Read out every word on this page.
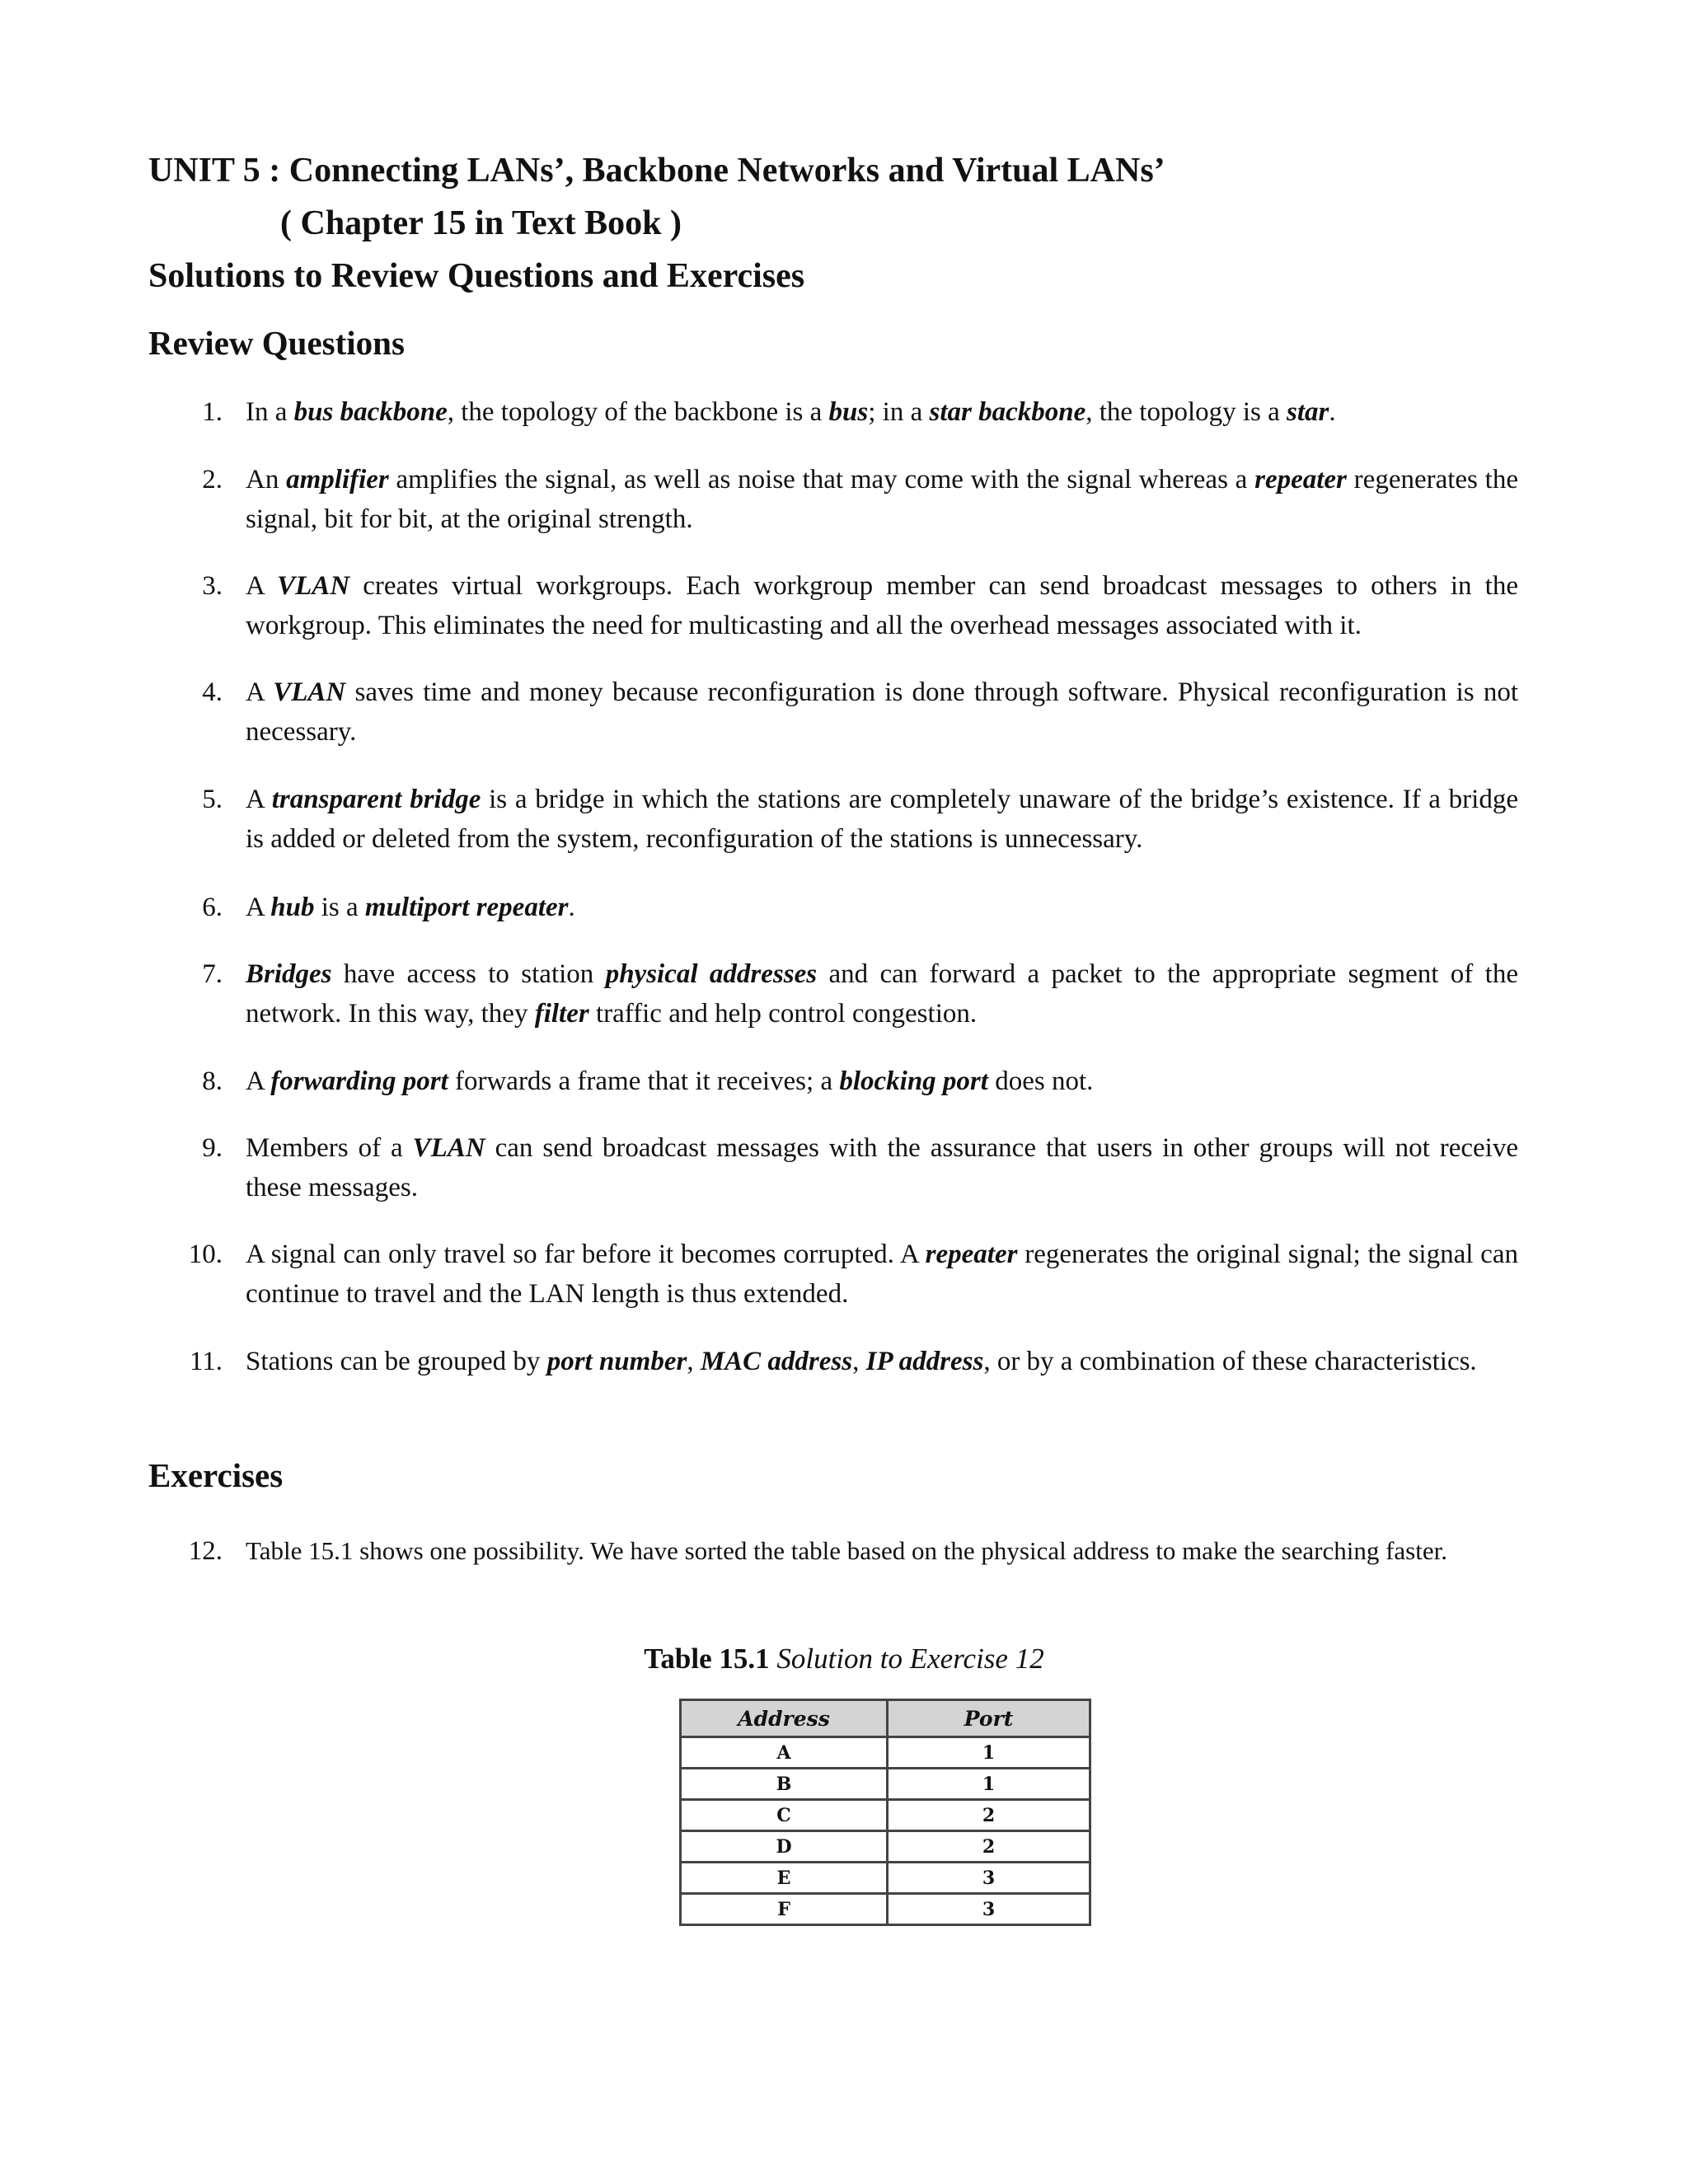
UNIT 5 : Connecting LANs’, Backbone Networks and Virtual LANs’
( Chapter 15 in Text Book )
Solutions to Review Questions and Exercises
Review Questions
1. In a bus backbone, the topology of the backbone is a bus; in a star backbone, the topology is a star.
2. An amplifier amplifies the signal, as well as noise that may come with the signal whereas a repeater regenerates the signal, bit for bit, at the original strength.
3. A VLAN creates virtual workgroups. Each workgroup member can send broadcast messages to others in the workgroup. This eliminates the need for multicasting and all the overhead messages associated with it.
4. A VLAN saves time and money because reconfiguration is done through software. Physical reconfiguration is not necessary.
5. A transparent bridge is a bridge in which the stations are completely unaware of the bridge’s existence. If a bridge is added or deleted from the system, reconfiguration of the stations is unnecessary.
6. A hub is a multiport repeater.
7. Bridges have access to station physical addresses and can forward a packet to the appropriate segment of the network. In this way, they filter traffic and help control congestion.
8. A forwarding port forwards a frame that it receives; a blocking port does not.
9. Members of a VLAN can send broadcast messages with the assurance that users in other groups will not receive these messages.
10. A signal can only travel so far before it becomes corrupted. A repeater regenerates the original signal; the signal can continue to travel and the LAN length is thus extended.
11. Stations can be grouped by port number, MAC address, IP address, or by a combination of these characteristics.
Exercises
12. Table 15.1 shows one possibility. We have sorted the table based on the physical address to make the searching faster.
Table 15.1 Solution to Exercise 12
Address	Port
A	1
B	1
C	2
D	2
E	3
F	3
